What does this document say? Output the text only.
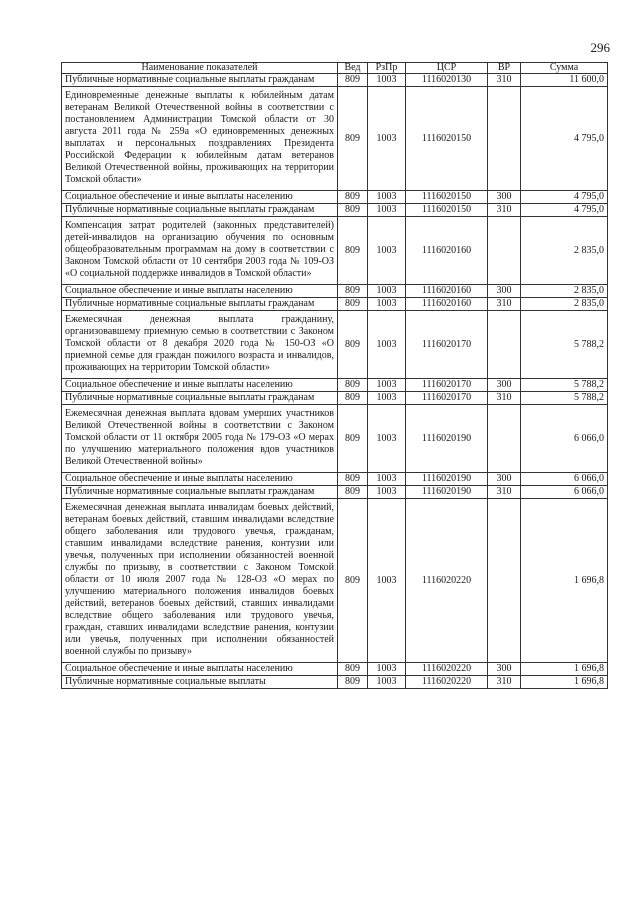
296
Наименование показателей	Вед	РзПр	ЦСР	ВР	Сумма
Публичные нормативные социальные выплаты гражданам	809	1003	1116020130	310	11 600,0
Единовременные денежные выплаты к юбилейным датам ветеранам Великой Отечественной войны в соответствии с постановлением Администрации Томской области от 30 августа 2011 года № 259а «О единовременных денежных выплатах и персональных поздравлениях Президента Российской Федерации к юбилейным датам ветеранов Великой Отечественной войны, проживающих на территории Томской области»	809	1003	1116020150		4 795,0
Социальное обеспечение и иные выплаты населению	809	1003	1116020150	300	4 795,0
Публичные нормативные социальные выплаты гражданам	809	1003	1116020150	310	4 795,0
Компенсация затрат родителей (законных представителей) детей-инвалидов на организацию обучения по основным общеобразовательным программам на дому в соответствии с Законом Томской области от 10 сентября 2003 года № 109-ОЗ «О социальной поддержке инвалидов в Томской области»	809	1003	1116020160		2 835,0
Социальное обеспечение и иные выплаты населению	809	1003	1116020160	300	2 835,0
Публичные нормативные социальные выплаты гражданам	809	1003	1116020160	310	2 835,0
Ежемесячная денежная выплата гражданину, организовавшему приемную семью в соответствии с Законом Томской области от 8 декабря 2020 года № 150-ОЗ «О приемной семье для граждан пожилого возраста и инвалидов, проживающих на территории Томской области»	809	1003	1116020170		5 788,2
Социальное обеспечение и иные выплаты населению	809	1003	1116020170	300	5 788,2
Публичные нормативные социальные выплаты гражданам	809	1003	1116020170	310	5 788,2
Ежемесячная денежная выплата вдовам умерших участников Великой Отечественной войны в соответствии с Законом Томской области от 11 октября 2005 года № 179-ОЗ «О мерах по улучшению материального положения вдов участников Великой Отечественной войны»	809	1003	1116020190		6 066,0
Социальное обеспечение и иные выплаты населению	809	1003	1116020190	300	6 066,0
Публичные нормативные социальные выплаты гражданам	809	1003	1116020190	310	6 066,0
Ежемесячная денежная выплата инвалидам боевых действий, ветеранам боевых действий, ставшим инвалидами вследствие общего заболевания или трудового увечья, гражданам, ставшим инвалидами вследствие ранения, контузии или увечья, полученных при исполнении обязанностей военной службы по призыву, в соответствии с Законом Томской области от 10 июля 2007 года № 128-ОЗ «О мерах по улучшению материального положения инвалидов боевых действий, ветеранов боевых действий, ставших инвалидами вследствие общего заболевания или трудового увечья, граждан, ставших инвалидами вследствие ранения, контузии или увечья, полученных при исполнении обязанностей военной службы по призыву»	809	1003	1116020220		1 696,8
Социальное обеспечение и иные выплаты населению	809	1003	1116020220	300	1 696,8
Публичные нормативные социальные выплаты	809	1003	1116020220	310	1 696,8
